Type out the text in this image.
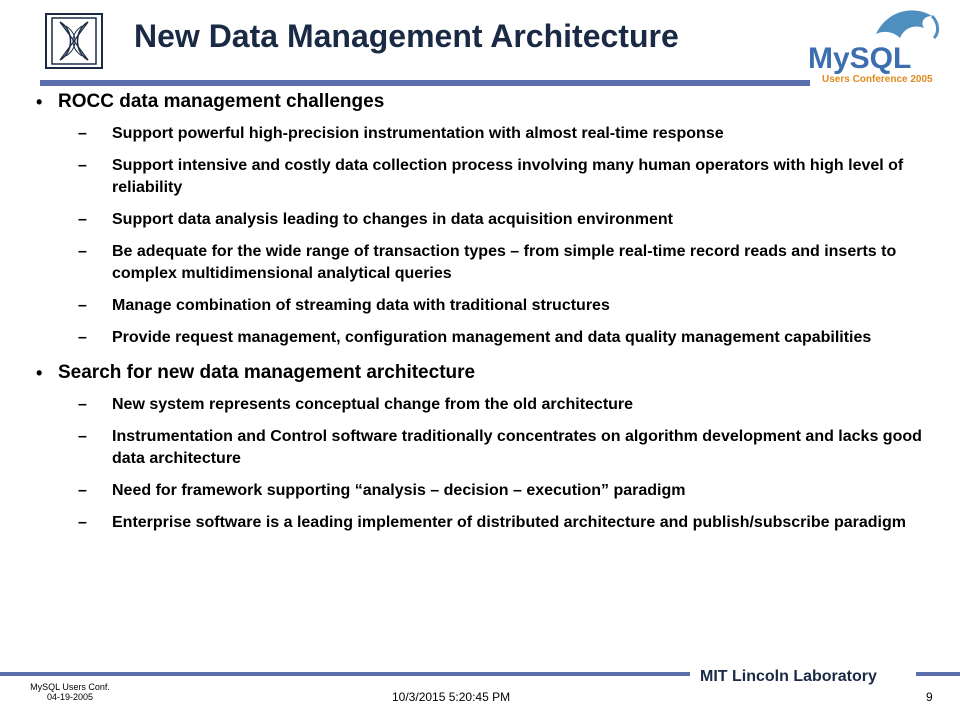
New Data Management Architecture
MySQL
Users Conference 2005
• ROCC data management challenges
– Support powerful high-precision instrumentation with almost real-time response
– Support intensive and costly data collection process involving many human operators with high level of reliability
– Support data analysis leading to changes in data acquisition environment
– Be adequate for the wide range of transaction types – from simple real-time record reads and inserts to complex multidimensional analytical queries
– Manage combination of streaming data with traditional structures
– Provide request management, configuration management and data quality management capabilities
• Search for new data management architecture
– New system represents conceptual change from the old architecture
– Instrumentation and Control software traditionally concentrates on algorithm development and lacks good data architecture
– Need for framework supporting “analysis – decision – execution” paradigm
– Enterprise software is a leading implementer of distributed architecture and publish/subscribe paradigm
MySQL Users Conf.
04-19-2005	10/3/2015 5:20:45 PM
MIT Lincoln Laboratory
9
